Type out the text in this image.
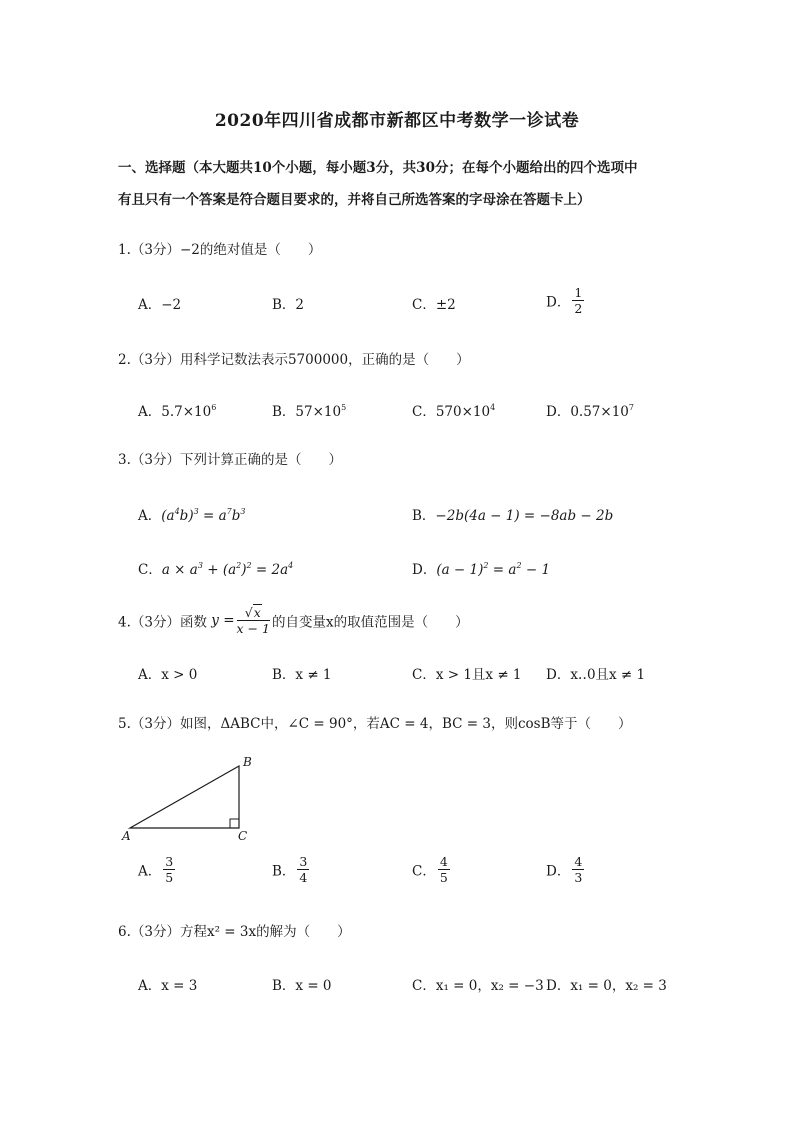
2020年四川省成都市新都区中考数学一诊试卷
一、选择题（本大题共10个小题，每小题3分，共30分；在每个小题给出的四个选项中
有且只有一个答案是符合题目要求的，并将自己所选答案的字母涂在答题卡上）
1.（3分）−2的绝对值是（　　）
A．−2	B．2	C．±2	D． $\frac{1}{2}$
2.（3分）用科学记数法表示5700000，正确的是（　　）
A．$5.7\times 10^6$	B．$57\times 10^5$	C．$570\times 10^4$	D．$0.57\times 10^7$
3.（3分）下列计算正确的是（　　）
A．$(a^4b)^3 = a^7b^3$	B．−2b(4a − 1) = −8ab − 2b
C．$a \times a^3 + (a^2)^2 = 2a^4$	D．$(a - 1)^2 = a^2 - 1$
4.（3分）函数 $y = \frac{√x}{x - 1}$ 的自变量x的取值范围是（　　）
A．x > 0	B．x ≠ 1	C．x > 1且x ≠ 1 D．x‥0且x ≠ 1
5.（3分）如图，ΔABC中，∠C = 90°，若AC = 4，BC = 3，则cosB等于（　　）
A
B
C
A． $\frac{3}{5}$	B． $\frac{3}{4}$	C． $\frac{4}{5}$	D． $\frac{4}{3}$
6.（3分）方程x² = 3x的解为（　　）
A．x = 3	B．x = 0	C．x₁ = 0，x₂ = −3 D．x₁ = 0，x₂ = 3
